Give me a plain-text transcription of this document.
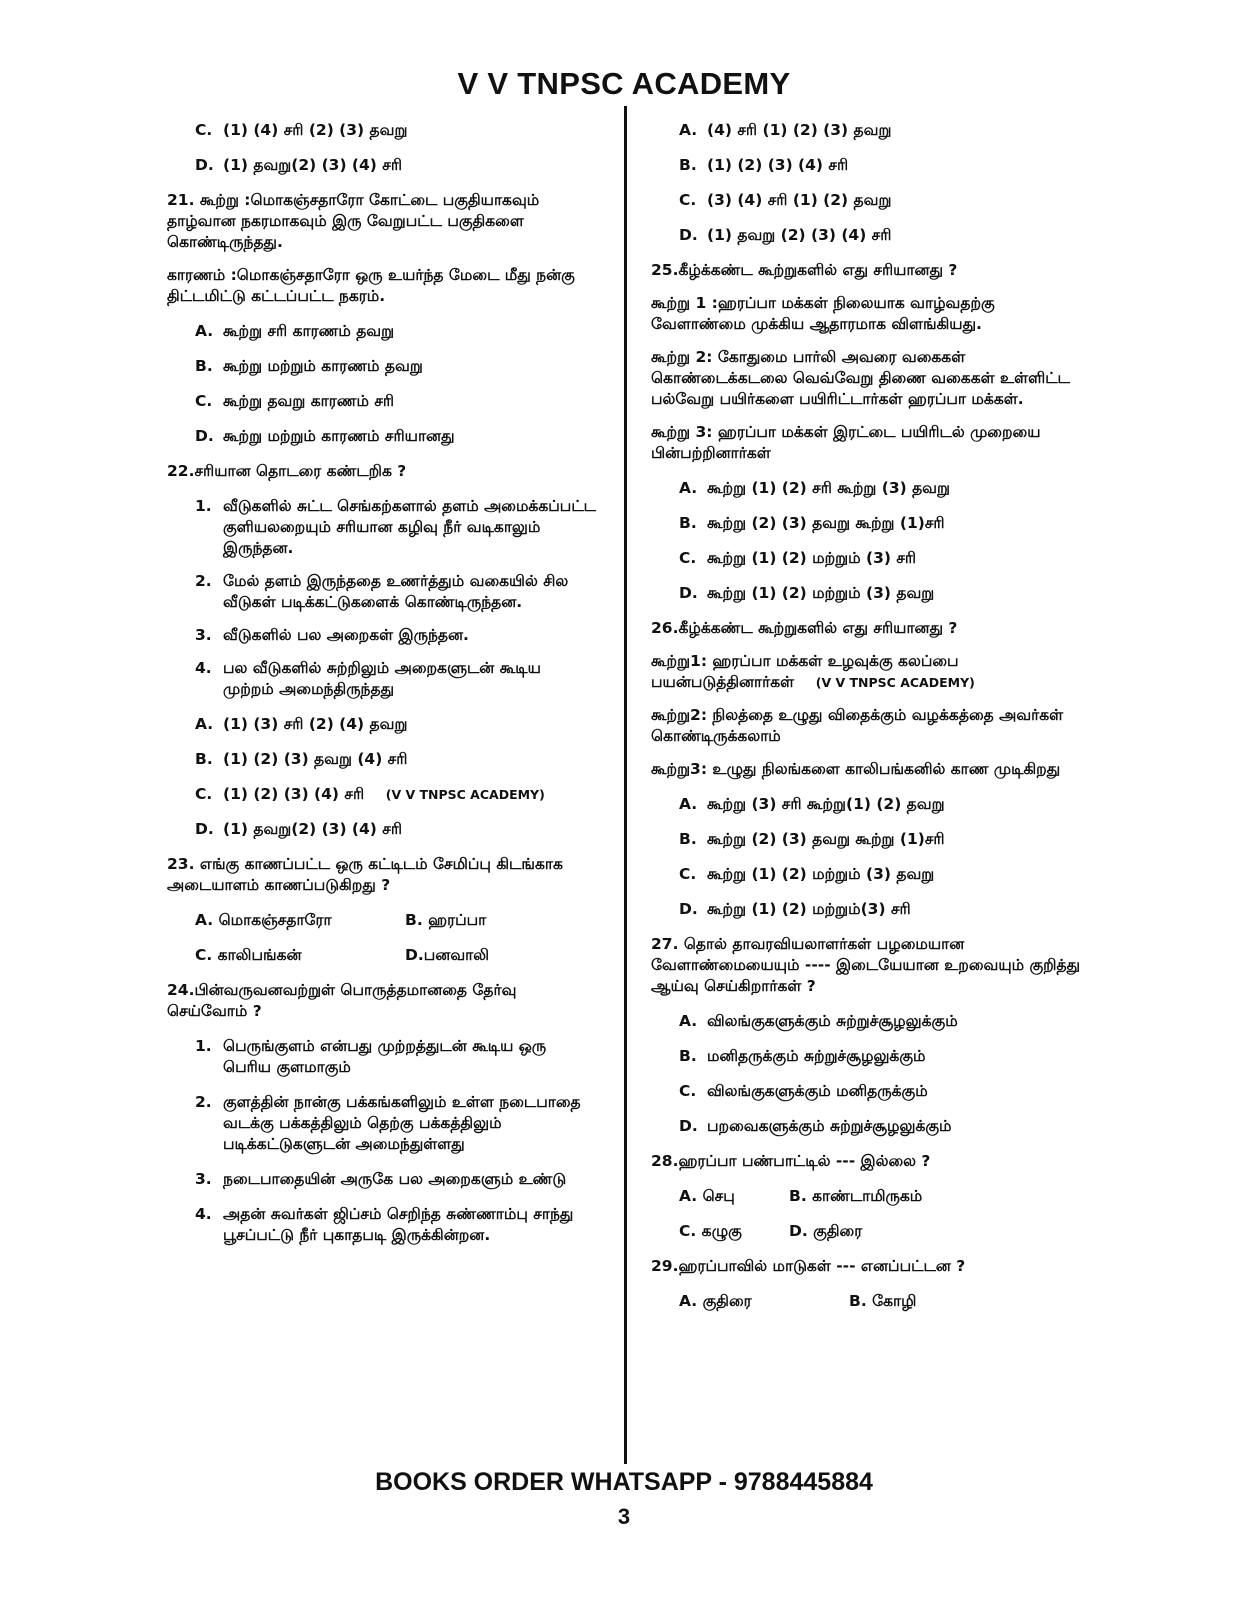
V V TNPSC ACADEMY
C. (1) (4) சரி (2) (3) தவறு
D. (1) தவறு(2) (3) (4) சரி
21. கூற்று :மொகஞ்சதாரோ கோட்டை பகுதியாகவும் தாழ்வான நகரமாகவும் இரு வேறுபட்ட பகுதிகளை கொண்டிருந்தது.
காரணம் :மொகஞ்சதாரோ ஒரு உயர்ந்த மேடை மீது நன்கு திட்டமிட்டு கட்டப்பட்ட நகரம்.
A. கூற்று சரி காரணம் தவறு
B. கூற்று மற்றும் காரணம் தவறு
C. கூற்று தவறு காரணம் சரி
D. கூற்று மற்றும் காரணம் சரியானது
22.சரியான தொடரை கண்டறிக ?
1. வீடுகளில் சுட்ட செங்கற்களால் தளம் அமைக்கப்பட்ட குளியலறையும் சரியான கழிவு நீர் வடிகாலும் இருந்தன.
2. மேல் தளம் இருந்ததை உணர்த்தும் வகையில் சில வீடுகள் படிக்கட்டுகளைக் கொண்டிருந்தன.
3. வீடுகளில் பல அறைகள் இருந்தன.
4. பல வீடுகளில் சுற்றிலும் அறைகளுடன் கூடிய முற்றம் அமைந்திருந்தது
A. (1) (3) சரி (2) (4) தவறு
B. (1) (2) (3) தவறு (4) சரி
C. (1) (2) (3) (4) சரி
(V V TNPSC ACADEMY)
D. (1) தவறு(2) (3) (4) சரி
23. எங்கு காணப்பட்ட ஒரு கட்டிடம் சேமிப்பு கிடங்காக அடையாளம் காணப்படுகிறது ?
A. மொகஞ்சதாரோ	B. ஹரப்பா
C. காலிபங்கன்	D.பனவாலி
24.பின்வருவனவற்றுள் பொருத்தமானதை தேர்வு செய்வோம் ?
1. பெருங்குளம் என்பது முற்றத்துடன் கூடிய ஒரு பெரிய குளமாகும்
2. குளத்தின் நான்கு பக்கங்களிலும் உள்ள நடைபாதை வடக்கு பக்கத்திலும் தெற்கு பக்கத்திலும் படிக்கட்டுகளுடன் அமைந்துள்ளது
3. நடைபாதையின் அருகே பல அறைகளும் உண்டு
4. அதன் சுவர்கள் ஜிப்சம் செறிந்த சுண்ணாம்பு சாந்து பூசப்பட்டு நீர் புகாதபடி இருக்கின்றன.
A. (4) சரி (1) (2) (3) தவறு
B. (1) (2) (3) (4) சரி
C. (3) (4) சரி (1) (2) தவறு
D. (1) தவறு (2) (3) (4) சரி
25.கீழ்க்கண்ட கூற்றுகளில் எது சரியானது ?
கூற்று 1 :ஹரப்பா மக்கள் நிலையாக வாழ்வதற்கு வேளாண்மை முக்கிய ஆதாரமாக விளங்கியது.
கூற்று 2: கோதுமை பார்லி அவரை வகைகள் கொண்டைக்கடலை வெவ்வேறு திணை வகைகள் உள்ளிட்ட பல்வேறு பயிர்களை பயிரிட்டார்கள் ஹரப்பா மக்கள்.
கூற்று 3: ஹரப்பா மக்கள் இரட்டை பயிரிடல் முறையை பின்பற்றினார்கள்
A. கூற்று (1) (2) சரி கூற்று (3) தவறு
B. கூற்று (2) (3) தவறு கூற்று (1)சரி
C. கூற்று (1) (2) மற்றும் (3) சரி
D. கூற்று (1) (2) மற்றும் (3) தவறு
26.கீழ்க்கண்ட கூற்றுகளில் எது சரியானது ?
கூற்று1: ஹரப்பா மக்கள் உழவுக்கு கலப்பை பயன்படுத்தினார்கள் (V V TNPSC ACADEMY)
கூற்று2: நிலத்தை உழுது விதைக்கும் வழக்கத்தை அவர்கள் கொண்டிருக்கலாம்
கூற்று3: உழுது நிலங்களை காலிபங்கனில் காண முடிகிறது
A. கூற்று (3) சரி கூற்று(1) (2) தவறு
B. கூற்று (2) (3) தவறு கூற்று (1)சரி
C. கூற்று (1) (2) மற்றும் (3) தவறு
D. கூற்று (1) (2) மற்றும்(3) சரி
27. தொல் தாவரவியலாளர்கள் பழமையான வேளாண்மையையும் ---- இடையேயான உறவையும் குறித்து ஆய்வு செய்கிறார்கள் ?
A. விலங்குகளுக்கும் சுற்றுச்சூழலுக்கும்
B. மனிதருக்கும் சுற்றுச்சூழலுக்கும்
C. விலங்குகளுக்கும் மனிதருக்கும்
D. பறவைகளுக்கும் சுற்றுச்சூழலுக்கும்
28.ஹரப்பா பண்பாட்டில் --- இல்லை ?
A. செபு	B. காண்டாமிருகம்
C. கழுகு	D. குதிரை
29.ஹரப்பாவில் மாடுகள் --- எனப்பட்டன ?
A. குதிரை	B. கோழி
BOOKS ORDER WHATSAPP - 9788445884
3
